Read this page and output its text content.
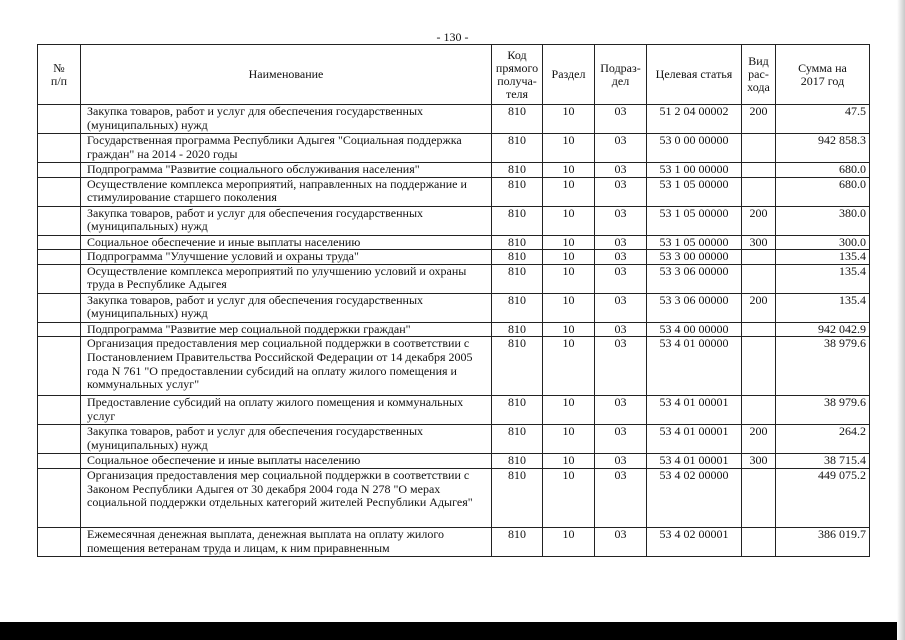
- 130 -
№
п/п	Наименование	Код
прямого
получа-
теля	Раздел	Подраз-
дел	Целевая статья	Вид
рас-
хода	Сумма на
2017 год
	Закупка товаров, работ и услуг для обеспечения государственных (муниципальных) нужд	810	10	03	51 2 04 00002	200	47.5
	Государственная программа Республики Адыгея "Социальная поддержка граждан" на 2014 - 2020 годы	810	10	03	53 0 00 00000		942 858.3
	Подпрограмма "Развитие социального обслуживания населения"	810	10	03	53 1 00 00000		680.0
	Осуществление комплекса мероприятий, направленных на поддержание и стимулирование старшего поколения	810	10	03	53 1 05 00000		680.0
	Закупка товаров, работ и услуг для обеспечения государственных (муниципальных) нужд	810	10	03	53 1 05 00000	200	380.0
	Социальное обеспечение и иные выплаты населению	810	10	03	53 1 05 00000	300	300.0
	Подпрограмма "Улучшение условий и охраны труда"	810	10	03	53 3 00 00000		135.4
	Осуществление комплекса мероприятий по улучшению условий и охраны труда в Республике Адыгея	810	10	03	53 3 06 00000		135.4
	Закупка товаров, работ и услуг для обеспечения государственных (муниципальных) нужд	810	10	03	53 3 06 00000	200	135.4
	Подпрограмма "Развитие мер социальной поддержки граждан"	810	10	03	53 4 00 00000		942 042.9
	Организация предоставления мер социальной поддержки в соответствии с Постановлением Правительства Российской Федерации от 14 декабря 2005 года N 761 "О предоставлении субсидий на оплату жилого помещения и коммунальных услуг"	810	10	03	53 4 01 00000		38 979.6
	Предоставление субсидий на оплату жилого помещения и коммунальных услуг	810	10	03	53 4 01 00001		38 979.6
	Закупка товаров, работ и услуг для обеспечения государственных (муниципальных) нужд	810	10	03	53 4 01 00001	200	264.2
	Социальное обеспечение и иные выплаты населению	810	10	03	53 4 01 00001	300	38 715.4
	Организация предоставления мер социальной поддержки в соответствии с Законом Республики Адыгея от 30 декабря 2004 года N 278 "О мерах социальной поддержки отдельных категорий жителей Республики Адыгея"	810	10	03	53 4 02 00000		449 075.2
	Ежемесячная денежная выплата, денежная выплата на оплату жилого помещения ветеранам труда и лицам, к ним приравненным	810	10	03	53 4 02 00001		386 019.7
